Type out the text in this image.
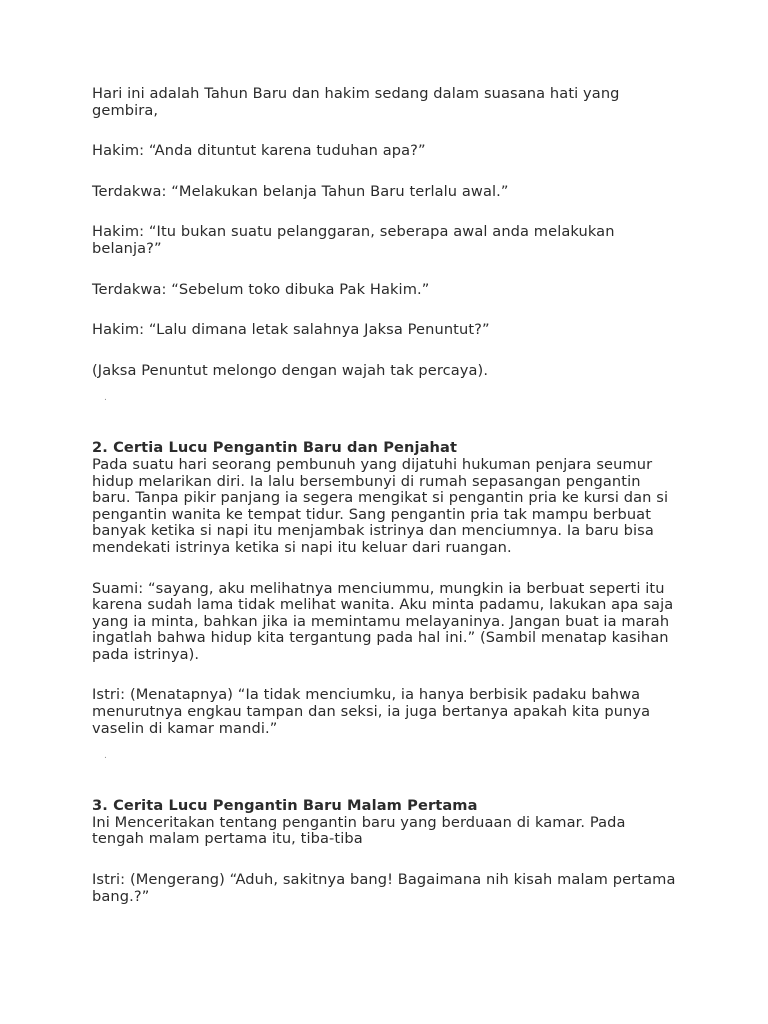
Hari ini adalah Tahun Baru dan hakim sedang dalam suasana hati yang gembira,

Hakim: “Anda dituntut karena tuduhan apa?”

Terdakwa: “Melakukan belanja Tahun Baru terlalu awal.”

Hakim: “Itu bukan suatu pelanggaran, seberapa awal anda melakukan belanja?”

Terdakwa: “Sebelum toko dibuka Pak Hakim.”

Hakim: “Lalu dimana letak salahnya Jaksa Penuntut?”

(Jaksa Penuntut melongo dengan wajah tak percaya).

.
2. Certia Lucu Pengantin Baru dan Penjahat

Pada suatu hari seorang pembunuh yang dijatuhi hukuman penjara seumur hidup melarikan diri. Ia lalu bersembunyi di rumah sepasangan pengantin baru. Tanpa pikir panjang ia segera mengikat si pengantin pria ke kursi dan si pengantin wanita ke tempat tidur. Sang pengantin pria tak mampu berbuat banyak ketika si napi itu menjambak istrinya dan menciumnya. Ia baru bisa mendekati istrinya ketika si napi itu keluar dari ruangan.

Suami: “sayang, aku melihatnya menciummu, mungkin ia berbuat seperti itu karena sudah lama tidak melihat wanita. Aku minta padamu, lakukan apa saja yang ia minta, bahkan jika ia memintamu melayaninya. Jangan buat ia marah ingatlah bahwa hidup kita tergantung pada hal ini.” (Sambil menatap kasihan pada istrinya).

Istri: (Menatapnya) “Ia tidak menciumku, ia hanya berbisik padaku bahwa menurutnya engkau tampan dan seksi, ia juga bertanya apakah kita punya vaselin di kamar mandi.”

.
3. Cerita Lucu Pengantin Baru Malam Pertama

Ini Menceritakan tentang pengantin baru yang berduaan di kamar. Pada tengah malam pertama itu, tiba-tiba

Istri: (Mengerang) “Aduh, sakitnya bang! Bagaimana nih kisah malam pertama bang.?”
